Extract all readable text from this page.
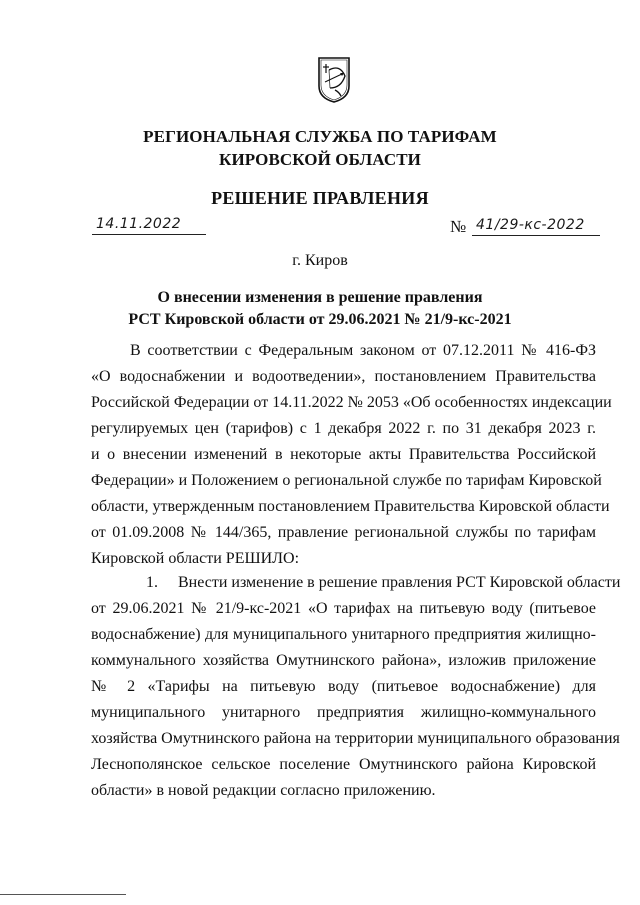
РЕГИОНАЛЬНАЯ СЛУЖБА ПО ТАРИФАМ
КИРОВСКОЙ ОБЛАСТИ
РЕШЕНИЕ ПРАВЛЕНИЯ
14.11.2022	№ 41/29-кс-2022
г. Киров
О внесении изменения в решение правления
РСТ Кировской области от 29.06.2021 № 21/9-кс-2021
В соответствии с Федеральным законом от 07.12.2011 № 416-ФЗ
«О водоснабжении и водоотведении», постановлением Правительства
Российской Федерации от 14.11.2022 № 2053 «Об особенностях индексации
регулируемых цен (тарифов) с 1 декабря 2022 г. по 31 декабря 2023 г.
и о внесении изменений в некоторые акты Правительства Российской
Федерации» и Положением о региональной службе по тарифам Кировской
области, утвержденным постановлением Правительства Кировской области
от 01.09.2008 № 144/365, правление региональной службы по тарифам
Кировской области РЕШИЛО:
1. Внести изменение в решение правления РСТ Кировской области
от 29.06.2021 № 21/9-кс-2021 «О тарифах на питьевую воду (питьевое
водоснабжение) для муниципального унитарного предприятия жилищно-
коммунального хозяйства Омутнинского района», изложив приложение
№ 2 «Тарифы на питьевую воду (питьевое водоснабжение) для
муниципального унитарного предприятия жилищно-коммунального
хозяйства Омутнинского района на территории муниципального образования
Леснополянское сельское поселение Омутнинского района Кировской
области» в новой редакции согласно приложению.
